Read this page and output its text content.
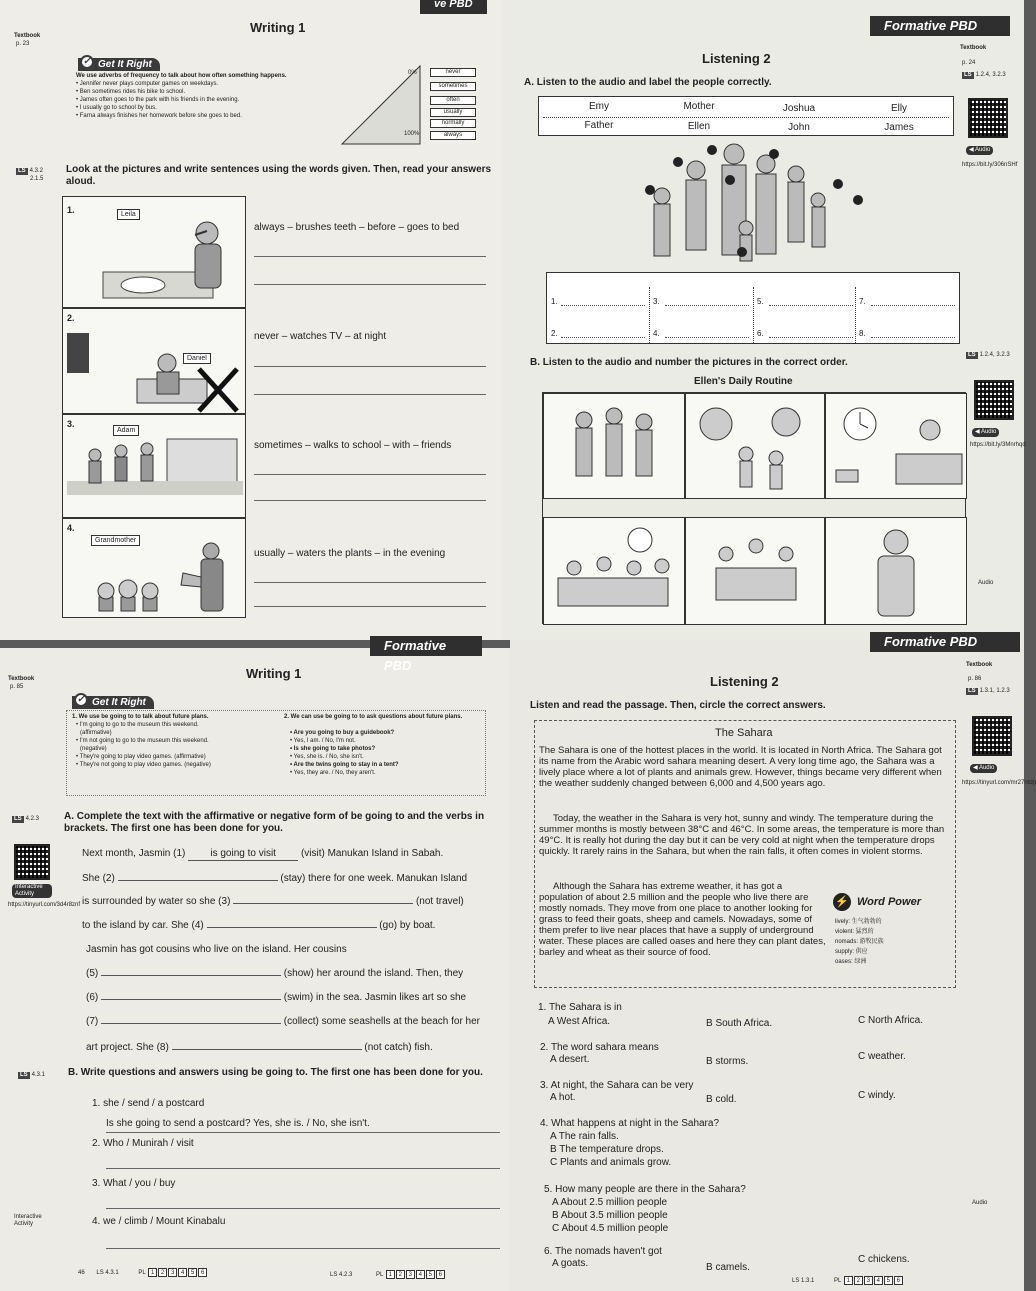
ve PBD
Textbook
p. 23
Writing 1
✓ Get It Right
We use adverbs of frequency to talk about how often something happens.
• Jennifer never plays computer games on weekdays.
• Ben sometimes rides his bike to school.
• James often goes to the park with his friends in the evening.
• I usually go to school by bus.
• Farna always finishes her homework before she goes to bed.
0%
100%
never
sometimes
often
usually
normally
always
LS 4.3.2
2.1.5
Look at the pictures and write sentences using the words given. Then, read your answers aloud.
1.	Leila
always – brushes teeth – before – goes to bed
2.
Daniel
never – watches TV – at night
3.
Adam
sometimes – walks to school – with – friends
4.
Grandmother
usually – waters the plants – in the evening
Formative PBD
Textbook
p. 24
LS 1.2.4, 3.2.3
◀ Audio
https://bit.ly/306nSHf
Listening 2
A. Listen to the audio and label the people correctly.
Emy	Mother	Joshua	Elly
Father	Ellen	John	James
1.
2.
3.
4.
5.
6.
7.
8.
LS 1.2.4, 3.2.3
◀ Audio
https://bit.ly/3Mnrhqd
Audio
B. Listen to the audio and number the pictures in the correct order.
Ellen's Daily Routine
Formative PBD
Textbook
p. 85
Writing 1
✓ Get It Right
1. We use be going to to talk about future plans.
• I'm going to go to the museum this weekend.
(affirmative)
• I'm not going to go to the museum this weekend.
(negative)
• They're going to play video games. (affirmative)
• They're not going to play video games. (negative)
2. We can use be going to to ask questions about future plans.
• Are you going to buy a guidebook?
• Yes, I am. / No, I'm not.
• Is she going to take photos?
• Yes, she is. / No, she isn't.
• Are the twins going to stay in a tent?
• Yes, they are. / No, they aren't.
LS 4.2.3 A. Complete the text with the affirmative or negative form of be going to and the verbs in brackets. The first one has been done for you.
Interactive Activity
https://tinyurl.com/3d4r8znf
Next month, Jasmin (1) is going to visit (visit) Manukan Island in Sabah.
She (2)	(stay) there for one week. Manukan Island
is surrounded by water so she (3)	(not travel)
to the island by car. She (4)	(go) by boat.
Jasmin has got cousins who live on the island. Her cousins
(5)	(show) her around the island. Then, they
(6)	(swim) in the sea. Jasmin likes art so she
(7)	(collect) some seashells at the beach for her
art project. She (8)	(not catch) fish.
LS 4.3.1 B. Write questions and answers using be going to. The first one has been done for you.
1. she / send / a postcard
Is she going to send a postcard? Yes, she is. / No, she isn't.
2. Who / Munirah / visit
3. What / you / buy
4. we / climb / Mount Kinabalu
Interactive Activity
46 LS 4.3.1	PL 1 2 3 4 5 6	LS 4.2.3	PL 1 2 3 4 5 6
Formative PBD
Textbook
p. 86
LS 1.3.1, 1.2.3
◀ Audio
https://tinyurl.com/mr27ntdp
Audio
Listening 2
Listen and read the passage. Then, circle the correct answers.
The Sahara
The Sahara is one of the hottest places in the world. It is located in North Africa. The Sahara got its name from the Arabic word sahara meaning desert. A very long time ago, the Sahara was a lively place where a lot of plants and animals grew. However, things became very different when the weather suddenly changed between 6,000 and 4,500 years ago.
Today, the weather in the Sahara is very hot, sunny and windy. The temperature during the summer months is mostly between 38°C and 46°C. In some areas, the temperature is more than 49°C. It is really hot during the day but it can be very cold at night when the temperature drops quickly. It rarely rains in the Sahara, but when the rain falls, it often comes in violent storms.
Although the Sahara has extreme weather, it has got a population of about 2.5 million and the people who live there are mostly nomads. They move from one place to another looking for grass to feed their goats, sheep and camels. Nowadays, some of them prefer to live near places that have a supply of underground water. These places are called oases and here they can plant dates, barley and wheat as their source of food.
⚡ Word Power
lively: 生气勃勃的
violent: 猛烈的
nomads: 游牧民族
supply: 供应
oases: 绿洲
1. The Sahara is in
A West Africa.	B South Africa.	C North Africa.
2. The word sahara means
A desert.	B storms.	C weather.
3. At night, the Sahara can be very
A hot.	B cold.	C windy.
4. What happens at night in the Sahara?
A The rain falls.
B The temperature drops.
C Plants and animals grow.
5. How many people are there in the Sahara?
A About 2.5 million people
B About 3.5 million people
C About 4.5 million people
6. The nomads haven't got
A goats.	B camels.
C chickens.
LS 1.3.1	PL 1 2 3 4 5 6
